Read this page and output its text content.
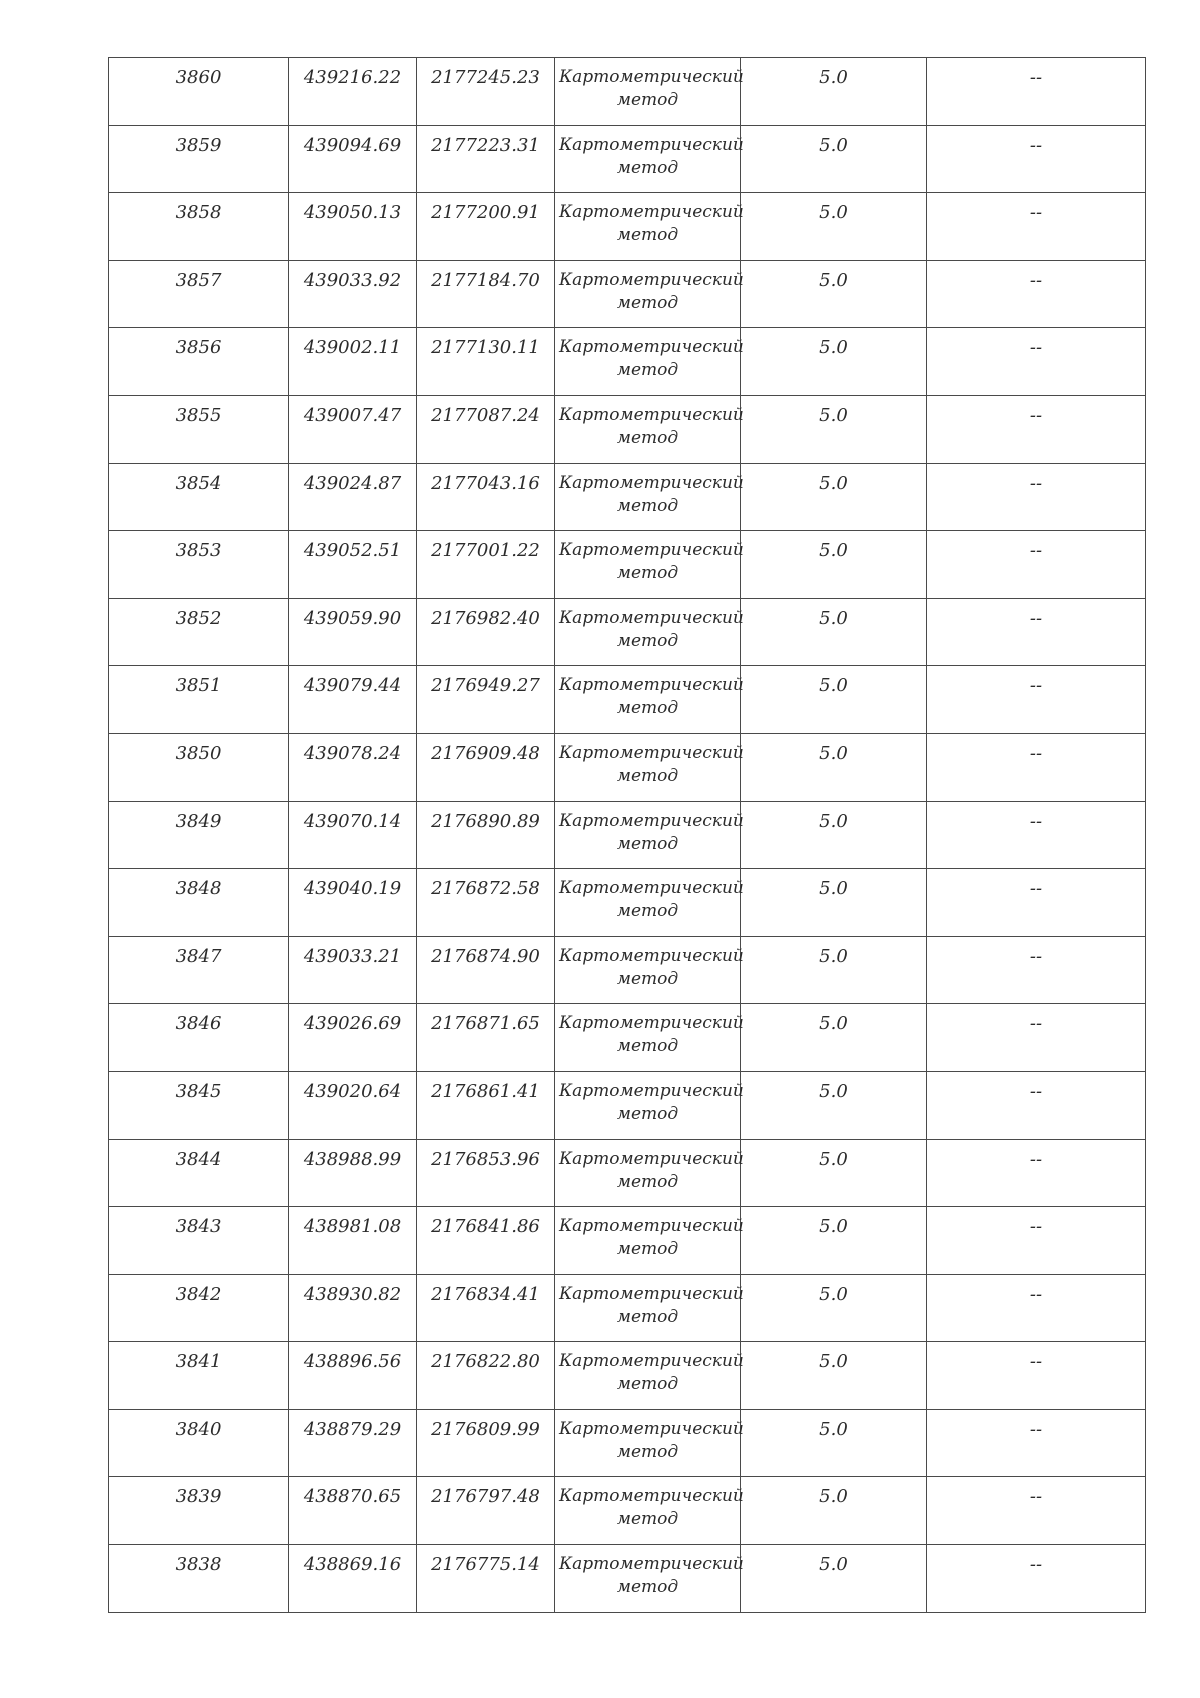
3860	439216.22	2177245.23	Картометрический метод	5.0	--

3859	439094.69	2177223.31	Картометрический метод	5.0	--

3858	439050.13	2177200.91	Картометрический метод	5.0	--

3857	439033.92	2177184.70	Картометрический метод	5.0	--

3856	439002.11	2177130.11	Картометрический метод	5.0	--

3855	439007.47	2177087.24	Картометрический метод	5.0	--

3854	439024.87	2177043.16	Картометрический метод	5.0	--

3853	439052.51	2177001.22	Картометрический метод	5.0	--

3852	439059.90	2176982.40	Картометрический метод	5.0	--

3851	439079.44	2176949.27	Картометрический метод	5.0	--

3850	439078.24	2176909.48	Картометрический метод	5.0	--

3849	439070.14	2176890.89	Картометрический метод	5.0	--

3848	439040.19	2176872.58	Картометрический метод	5.0	--

3847	439033.21	2176874.90	Картометрический метод	5.0	--

3846	439026.69	2176871.65	Картометрический метод	5.0	--

3845	439020.64	2176861.41	Картометрический метод	5.0	--

3844	438988.99	2176853.96	Картометрический метод	5.0	--

3843	438981.08	2176841.86	Картометрический метод	5.0	--

3842	438930.82	2176834.41	Картометрический метод	5.0	--

3841	438896.56	2176822.80	Картометрический метод	5.0	--

3840	438879.29	2176809.99	Картометрический метод	5.0	--

3839	438870.65	2176797.48	Картометрический метод	5.0	--

3838	438869.16	2176775.14	Картометрический метод	5.0	--
